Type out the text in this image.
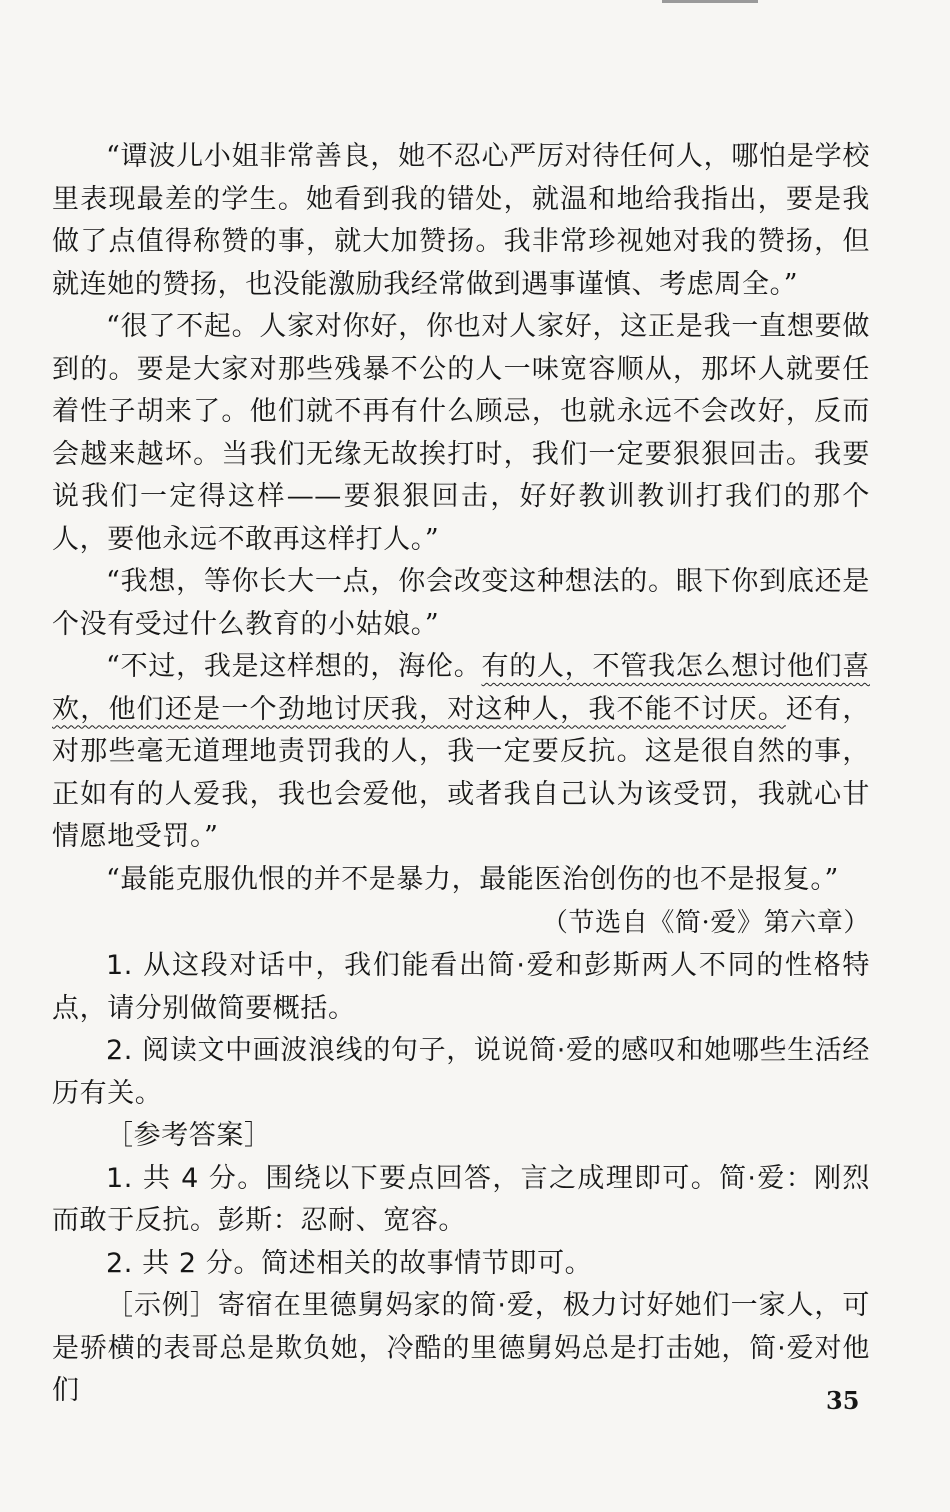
“谭波儿小姐非常善良，她不忍心严厉对待任何人，哪怕是学校里表现最差的学生。她看到我的错处，就温和地给我指出，要是我做了点值得称赞的事，就大加赞扬。我非常珍视她对我的赞扬，但就连她的赞扬，也没能激励我经常做到遇事谨慎、考虑周全。”

“很了不起。人家对你好，你也对人家好，这正是我一直想要做到的。要是大家对那些残暴不公的人一味宽容顺从，那坏人就要任着性子胡来了。他们就不再有什么顾忌，也就永远不会改好，反而会越来越坏。当我们无缘无故挨打时，我们一定要狠狠回击。我要说我们一定得这样——要狠狠回击，好好教训教训打我们的那个人，要他永远不敢再这样打人。”

“我想，等你长大一点，你会改变这种想法的。眼下你到底还是个没有受过什么教育的小姑娘。”

“不过，我是这样想的，海伦。有的人，不管我怎么想讨他们喜欢，他们还是一个劲地讨厌我，对这种人，我不能不讨厌。还有，对那些毫无道理地责罚我的人，我一定要反抗。这是很自然的事，正如有的人爱我，我也会爱他，或者我自己认为该受罚，我就心甘情愿地受罚。”

“最能克服仇恨的并不是暴力，最能医治创伤的也不是报复。”

（节选自《简·爱》第六章）

1. 从这段对话中，我们能看出简·爱和彭斯两人不同的性格特点，请分别做简要概括。

2. 阅读文中画波浪线的句子，说说简·爱的感叹和她哪些生活经历有关。

［参考答案］

1. 共 4 分。围绕以下要点回答，言之成理即可。简·爱：刚烈而敢于反抗。彭斯：忍耐、宽容。

2. 共 2 分。简述相关的故事情节即可。

［示例］寄宿在里德舅妈家的简·爱，极力讨好她们一家人，可是骄横的表哥总是欺负她，冷酷的里德舅妈总是打击她，简·爱对他们	35
